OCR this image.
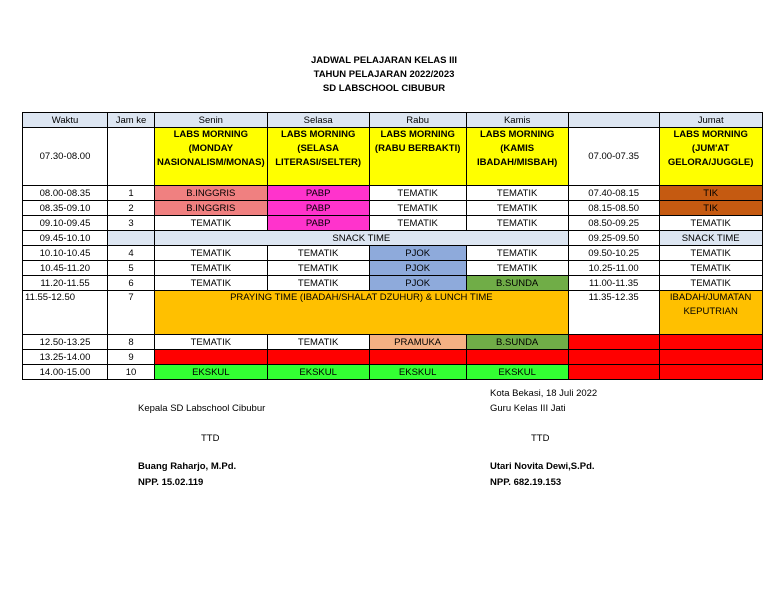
JADWAL PELAJARAN KELAS III
TAHUN PELAJARAN 2022/2023
SD LABSCHOOL CIBUBUR
Waktu	Jam ke	Senin	Selasa	Rabu	Kamis		Jumat
07.30-08.00		LABS MORNING (MONDAY NASIONALISM/MONAS)	LABS MORNING (SELASA LITERASI/SELTER)	LABS MORNING (RABU BERBAKTI)	LABS MORNING (KAMIS IBADAH/MISBAH)	07.00-07.35	LABS MORNING (JUM'AT GELORA/JUGGLE)
08.00-08.35	1	B.INGGRIS	PABP	TEMATIK	TEMATIK	07.40-08.15	TIK
08.35-09.10	2	B.INGGRIS	PABP	TEMATIK	TEMATIK	08.15-08.50	TIK
09.10-09.45	3	TEMATIK	PABP	TEMATIK	TEMATIK	08.50-09.25	TEMATIK
09.45-10.10		SNACK TIME				09.25-09.50	SNACK TIME
10.10-10.45	4	TEMATIK	TEMATIK	PJOK	TEMATIK	09.50-10.25	TEMATIK
10.45-11.20	5	TEMATIK	TEMATIK	PJOK	TEMATIK	10.25-11.00	TEMATIK
11.20-11.55	6	TEMATIK	TEMATIK	PJOK	B.SUNDA	11.00-11.35	TEMATIK
11.55-12.50	7	PRAYING TIME (IBADAH/SHALAT DZUHUR) & LUNCH TIME				11.35-12.35	IBADAH/JUMATAN KEPUTRIAN
12.50-13.25	8	TEMATIK	TEMATIK	PRAMUKA	B.SUNDA		
13.25-14.00	9						
14.00-15.00	10	EKSKUL	EKSKUL	EKSKUL	EKSKUL		
Kota Bekasi, 18 Juli 2022
Guru Kelas III Jati
Kepala SD Labschool Cibubur
TTD	TTD
Buang Raharjo, M.Pd.
NPP. 15.02.119
Utari Novita Dewi,S.Pd.
NPP. 682.19.153
